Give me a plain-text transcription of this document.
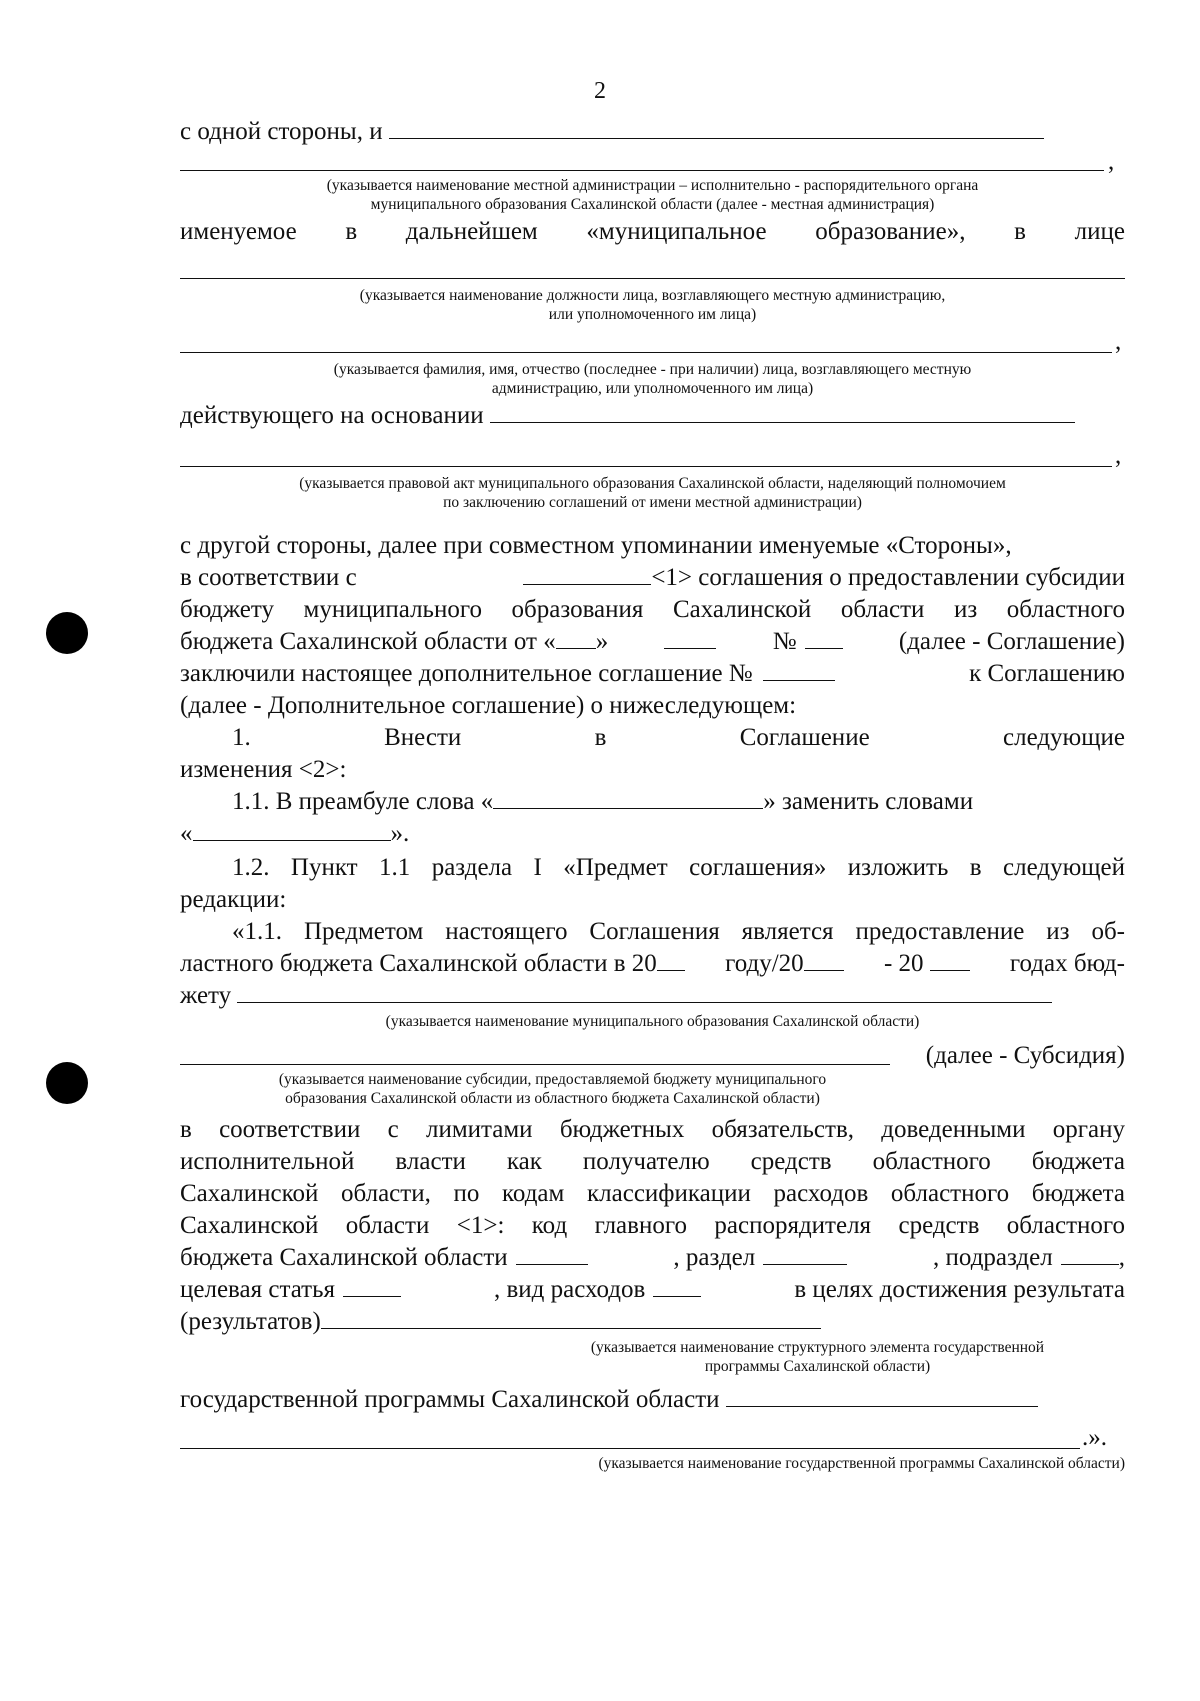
2
с одной стороны, и
,
(указывается наименование местной администрации – исполнительно - распорядительного органа
муниципального образования Сахалинской области (далее - местная администрация)
именуемое в дальнейшем «муниципальное образование», в лице
(указывается наименование должности лица, возглавляющего местную администрацию,
или уполномоченного им лица)
,
(указывается фамилия, имя, отчество (последнее - при наличии) лица, возглавляющего местную
администрацию, или уполномоченного им лица)
действующего на основании
,
(указывается правовой акт муниципального образования Сахалинской области, наделяющий полномочием
по заключению соглашений от имени местной администрации)
с другой стороны, далее при совместном упоминании именуемые «Стороны»,
в соответствии с	<1> соглашения о предоставлении субсидии
бюджету муниципального образования Сахалинской области из областного
бюджета Сахалинской области от « »	№	(далее - Соглашение)
заключили настоящее дополнительное соглашение №	к Соглашению
(далее - Дополнительное соглашение) о нижеследующем:
1.	Внести	в	Соглашение	следующие
изменения <2>:
1.1. В преамбуле слова «	» заменить словами
«	».
1.2. Пункт 1.1 раздела I «Предмет соглашения» изложить в следующей
редакции:
«1.1. Предметом настоящего Соглашения является предоставление из об-
ластного бюджета Сахалинской области в 20	году/20	- 20	годах бюд-
жету
(указывается наименование муниципального образования Сахалинской области)
(далее - Субсидия)
(указывается наименование субсидии, предоставляемой бюджету муниципального
образования Сахалинской области из областного бюджета Сахалинской области)
в соответствии с лимитами бюджетных обязательств, доведенными органу
исполнительной власти как получателю средств областного бюджета
Сахалинской области, по кодам классификации расходов областного бюджета
Сахалинской области <1>: код главного распорядителя средств областного
бюджета Сахалинской области	, раздел	, подраздел	,
целевая статья	, вид расходов	в целях достижения результата
(результатов)
(указывается наименование структурного элемента государственной
программы Сахалинской области)
государственной программы Сахалинской области
.».
(указывается наименование государственной программы Сахалинской области)
